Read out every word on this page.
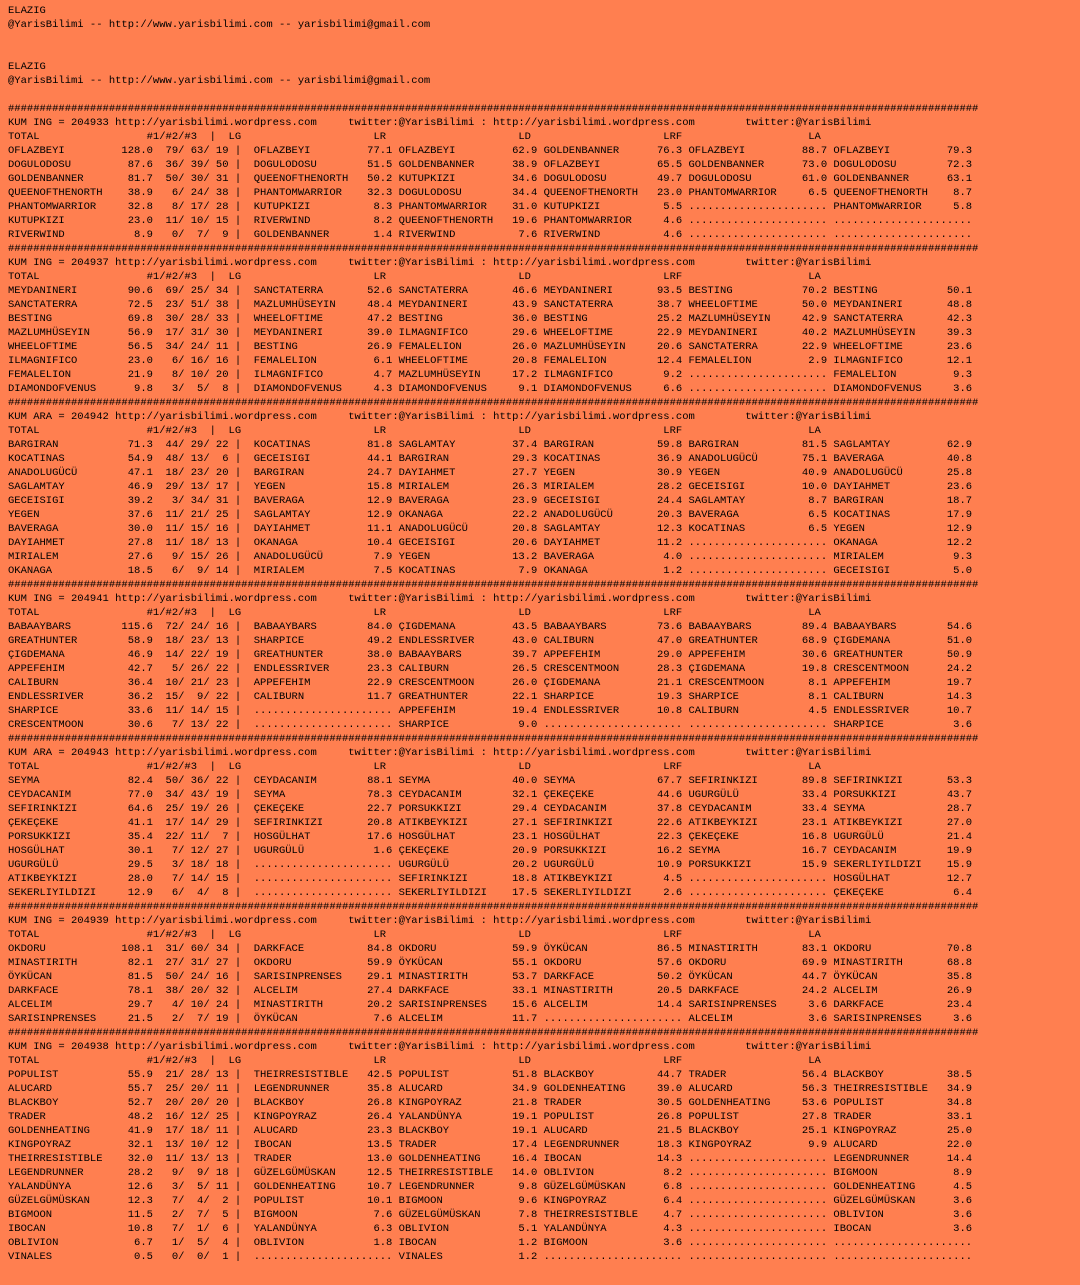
ELAZIG
@YarisBilimi -- http://www.yarisbilimi.com -- yarisbilimi@gmail.com
ELAZIG
@YarisBilimi -- http://www.yarisbilimi.com -- yarisbilimi@gmail.com
##########################################################################################################################################################
KUM ING = 204933 http://yarisbilimi.wordpress.com     twitter:@YarisBilimi : http://yarisbilimi.wordpress.com        twitter:@YarisBilimi
TOTAL                 #1/#2/#3  |  LG                     LR                     LD                     LRF                    LA
OFLAZBEYI         128.0  79/ 63/ 19 |  OFLAZBEYI         77.1 OFLAZBEYI         62.9 GOLDENBANNER      76.3 OFLAZBEYI         88.7 OFLAZBEYI         79.3
DOGULODOSU         87.6  36/ 39/ 50 |  DOGULODOSU        51.5 GOLDENBANNER      38.9 OFLAZBEYI         65.5 GOLDENBANNER      73.0 DOGULODOSU        72.3
GOLDENBANNER       81.7  50/ 30/ 31 |  QUEENOFTHENORTH   50.2 KUTUPKIZI         34.6 DOGULODOSU        49.7 DOGULODOSU        61.0 GOLDENBANNER      63.1
QUEENOFTHENORTH    38.9   6/ 24/ 38 |  PHANTOMWARRIOR    32.3 DOGULODOSU        34.4 QUEENOFTHENORTH   23.0 PHANTOMWARRIOR     6.5 QUEENOFTHENORTH    8.7
PHANTOMWARRIOR     32.8   8/ 17/ 28 |  KUTUPKIZI          8.3 PHANTOMWARRIOR    31.0 KUTUPKIZI          5.5 ...................... PHANTOMWARRIOR     5.8
KUTUPKIZI          23.0  11/ 10/ 15 |  RIVERWIND          8.2 QUEENOFTHENORTH   19.6 PHANTOMWARRIOR     4.6 ...................... ......................
RIVERWIND           8.9   0/  7/  9 |  GOLDENBANNER       1.4 RIVERWIND          7.6 RIVERWIND          4.6 ...................... ......................
##########################################################################################################################################################
KUM ING = 204937 http://yarisbilimi.wordpress.com     twitter:@YarisBilimi : http://yarisbilimi.wordpress.com        twitter:@YarisBilimi
TOTAL                 #1/#2/#3  |  LG                     LR                     LD                     LRF                    LA
MEYDANINERI        90.6  69/ 25/ 34 |  SANCTATERRA       52.6 SANCTATERRA       46.6 MEYDANINERI       93.5 BESTING           70.2 BESTING           50.1
SANCTATERRA        72.5  23/ 51/ 38 |  MAZLUMHÜSEYIN     48.4 MEYDANINERI       43.9 SANCTATERRA       38.7 WHEELOFTIME       50.0 MEYDANINERI       48.8
BESTING            69.8  30/ 28/ 33 |  WHEELOFTIME       47.2 BESTING           36.0 BESTING           25.2 MAZLUMHÜSEYIN     42.9 SANCTATERRA       42.3
MAZLUMHÜSEYIN      56.9  17/ 31/ 30 |  MEYDANINERI       39.0 ILMAGNIFICO       29.6 WHEELOFTIME       22.9 MEYDANINERI       40.2 MAZLUMHÜSEYIN     39.3
WHEELOFTIME        56.5  34/ 24/ 11 |  BESTING           26.9 FEMALELION        26.0 MAZLUMHÜSEYIN     20.6 SANCTATERRA       22.9 WHEELOFTIME       23.6
ILMAGNIFICO        23.0   6/ 16/ 16 |  FEMALELION         6.1 WHEELOFTIME       20.8 FEMALELION        12.4 FEMALELION         2.9 ILMAGNIFICO       12.1
FEMALELION         21.9   8/ 10/ 20 |  ILMAGNIFICO        4.7 MAZLUMHÜSEYIN     17.2 ILMAGNIFICO        9.2 ...................... FEMALELION         9.3
DIAMONDOFVENUS      9.8   3/  5/  8 |  DIAMONDOFVENUS     4.3 DIAMONDOFVENUS     9.1 DIAMONDOFVENUS     6.6 ...................... DIAMONDOFVENUS     3.6
##########################################################################################################################################################
KUM ARA = 204942 http://yarisbilimi.wordpress.com     twitter:@YarisBilimi : http://yarisbilimi.wordpress.com        twitter:@YarisBilimi
TOTAL                 #1/#2/#3  |  LG                     LR                     LD                     LRF                    LA
BARGIRAN           71.3  44/ 29/ 22 |  KOCATINAS         81.8 SAGLAMTAY         37.4 BARGIRAN          59.8 BARGIRAN          81.5 SAGLAMTAY         62.9
KOCATINAS          54.9  48/ 13/  6 |  GECEISIGI         44.1 BARGIRAN          29.3 KOCATINAS         36.9 ANADOLUGÜCÜ       75.1 BAVERAGA          40.8
ANADOLUGÜCÜ        47.1  18/ 23/ 20 |  BARGIRAN          24.7 DAYIAHMET         27.7 YEGEN             30.9 YEGEN             40.9 ANADOLUGÜCÜ       25.8
SAGLAMTAY          46.9  29/ 13/ 17 |  YEGEN             15.8 MIRIALEM          26.3 MIRIALEM          28.2 GECEISIGI         10.0 DAYIAHMET         23.6
GECEISIGI          39.2   3/ 34/ 31 |  BAVERAGA          12.9 BAVERAGA          23.9 GECEISIGI         24.4 SAGLAMTAY          8.7 BARGIRAN          18.7
YEGEN              37.6  11/ 21/ 25 |  SAGLAMTAY         12.9 OKANAGA           22.2 ANADOLUGÜCÜ       20.3 BAVERAGA           6.5 KOCATINAS         17.9
BAVERAGA           30.0  11/ 15/ 16 |  DAYIAHMET         11.1 ANADOLUGÜCÜ       20.8 SAGLAMTAY         12.3 KOCATINAS          6.5 YEGEN             12.9
DAYIAHMET          27.8  11/ 18/ 13 |  OKANAGA           10.4 GECEISIGI         20.6 DAYIAHMET         11.2 ...................... OKANAGA           12.2
MIRIALEM           27.6   9/ 15/ 26 |  ANADOLUGÜCÜ        7.9 YEGEN             13.2 BAVERAGA           4.0 ...................... MIRIALEM           9.3
OKANAGA            18.5   6/  9/ 14 |  MIRIALEM           7.5 KOCATINAS          7.9 OKANAGA            1.2 ...................... GECEISIGI          5.0
##########################################################################################################################################################
KUM ING = 204941 http://yarisbilimi.wordpress.com     twitter:@YarisBilimi : http://yarisbilimi.wordpress.com        twitter:@YarisBilimi
TOTAL                 #1/#2/#3  |  LG                     LR                     LD                     LRF                    LA
BABAAYBARS        115.6  72/ 24/ 16 |  BABAAYBARS        84.0 ÇIGDEMANA         43.5 BABAAYBARS        73.6 BABAAYBARS        89.4 BABAAYBARS        54.6
GREATHUNTER        58.9  18/ 23/ 13 |  SHARPICE          49.2 ENDLESSRIVER      43.0 CALIBURN          47.0 GREATHUNTER       68.9 ÇIGDEMANA         51.0
ÇIGDEMANA          46.9  14/ 22/ 19 |  GREATHUNTER       38.0 BABAAYBARS        39.7 APPEFEHIM         29.0 APPEFEHIM         30.6 GREATHUNTER       50.9
APPEFEHIM          42.7   5/ 26/ 22 |  ENDLESSRIVER      23.3 CALIBURN          26.5 CRESCENTMOON      28.3 ÇIGDEMANA         19.8 CRESCENTMOON      24.2
CALIBURN           36.4  10/ 21/ 23 |  APPEFEHIM         22.9 CRESCENTMOON      26.0 ÇIGDEMANA         21.1 CRESCENTMOON       8.1 APPEFEHIM         19.7
ENDLESSRIVER       36.2  15/  9/ 22 |  CALIBURN          11.7 GREATHUNTER       22.1 SHARPICE          19.3 SHARPICE           8.1 CALIBURN          14.3
SHARPICE           33.6  11/ 14/ 15 |  ...................... APPEFEHIM         19.4 ENDLESSRIVER      10.8 CALIBURN           4.5 ENDLESSRIVER      10.7
CRESCENTMOON       30.6   7/ 13/ 22 |  ...................... SHARPICE           9.0 ...................... ...................... SHARPICE           3.6
##########################################################################################################################################################
KUM ARA = 204943 http://yarisbilimi.wordpress.com     twitter:@YarisBilimi : http://yarisbilimi.wordpress.com        twitter:@YarisBilimi
TOTAL                 #1/#2/#3  |  LG                     LR                     LD                     LRF                    LA
SEYMA              82.4  50/ 36/ 22 |  CEYDACANIM        88.1 SEYMA             40.0 SEYMA             67.7 SEFIRINKIZI       89.8 SEFIRINKIZI       53.3
CEYDACANIM         77.0  34/ 43/ 19 |  SEYMA             78.3 CEYDACANIM        32.1 ÇEKEÇEKE          44.6 UGURGÜLÜ          33.4 PORSUKKIZI        43.7
SEFIRINKIZI        64.6  25/ 19/ 26 |  ÇEKEÇEKE          22.7 PORSUKKIZI        29.4 CEYDACANIM        37.8 CEYDACANIM        33.4 SEYMA             28.7
ÇEKEÇEKE           41.1  17/ 14/ 29 |  SEFIRINKIZI       20.8 ATIKBEYKIZI       27.1 SEFIRINKIZI       22.6 ATIKBEYKIZI       23.1 ATIKBEYKIZI       27.0
PORSUKKIZI         35.4  22/ 11/  7 |  HOSGÜLHAT         17.6 HOSGÜLHAT         23.1 HOSGÜLHAT         22.3 ÇEKEÇEKE          16.8 UGURGÜLÜ          21.4
HOSGÜLHAT          30.1   7/ 12/ 27 |  UGURGÜLÜ           1.6 ÇEKEÇEKE          20.9 PORSUKKIZI        16.2 SEYMA             16.7 CEYDACANIM        19.9
UGURGÜLÜ           29.5   3/ 18/ 18 |  ...................... UGURGÜLÜ          20.2 UGURGÜLÜ          10.9 PORSUKKIZI        15.9 SEKERLIYILDIZI    15.9
ATIKBEYKIZI        28.0   7/ 14/ 15 |  ...................... SEFIRINKIZI       18.8 ATIKBEYKIZI        4.5 ...................... HOSGÜLHAT         12.7
SEKERLIYILDIZI     12.9   6/  4/  8 |  ...................... SEKERLIYILDIZI    17.5 SEKERLIYILDIZI     2.6 ...................... ÇEKEÇEKE           6.4
##########################################################################################################################################################
KUM ING = 204939 http://yarisbilimi.wordpress.com     twitter:@YarisBilimi : http://yarisbilimi.wordpress.com        twitter:@YarisBilimi
TOTAL                 #1/#2/#3  |  LG                     LR                     LD                     LRF                    LA
OKDORU            108.1  31/ 60/ 34 |  DARKFACE          84.8 OKDORU            59.9 ÖYKÜCAN           86.5 MINASTIRITH       83.1 OKDORU            70.8
MINASTIRITH        82.1  27/ 31/ 27 |  OKDORU            59.9 ÖYKÜCAN           55.1 OKDORU            57.6 OKDORU            69.9 MINASTIRITH       68.8
ÖYKÜCAN            81.5  50/ 24/ 16 |  SARISINPRENSES    29.1 MINASTIRITH       53.7 DARKFACE          50.2 ÖYKÜCAN           44.7 ÖYKÜCAN           35.8
DARKFACE           78.1  38/ 20/ 32 |  ALCELIM           27.4 DARKFACE          33.1 MINASTIRITH       20.5 DARKFACE          24.2 ALCELIM           26.9
ALCELIM            29.7   4/ 10/ 24 |  MINASTIRITH       20.2 SARISINPRENSES    15.6 ALCELIM           14.4 SARISINPRENSES     3.6 DARKFACE          23.4
SARISINPRENSES     21.5   2/  7/ 19 |  ÖYKÜCAN            7.6 ALCELIM           11.7 ...................... ALCELIM            3.6 SARISINPRENSES     3.6
##########################################################################################################################################################
KUM ING = 204938 http://yarisbilimi.wordpress.com     twitter:@YarisBilimi : http://yarisbilimi.wordpress.com        twitter:@YarisBilimi
TOTAL                 #1/#2/#3  |  LG                     LR                     LD                     LRF                    LA
POPULIST           55.9  21/ 28/ 13 |  THEIRRESISTIBLE   42.5 POPULIST          51.8 BLACKBOY          44.7 TRADER            56.4 BLACKBOY          38.5
ALUCARD            55.7  25/ 20/ 11 |  LEGENDRUNNER      35.8 ALUCARD           34.9 GOLDENHEATING     39.0 ALUCARD           56.3 THEIRRESISTIBLE   34.9
BLACKBOY           52.7  20/ 20/ 20 |  BLACKBOY          26.8 KINGPOYRAZ        21.8 TRADER            30.5 GOLDENHEATING     53.6 POPULIST          34.8
TRADER             48.2  16/ 12/ 25 |  KINGPOYRAZ        26.4 YALANDÜNYA        19.1 POPULIST          26.8 POPULIST          27.8 TRADER            33.1
GOLDENHEATING      41.9  17/ 18/ 11 |  ALUCARD           23.3 BLACKBOY          19.1 ALUCARD           21.5 BLACKBOY          25.1 KINGPOYRAZ        25.0
KINGPOYRAZ         32.1  13/ 10/ 12 |  IBOCAN            13.5 TRADER            17.4 LEGENDRUNNER      18.3 KINGPOYRAZ         9.9 ALUCARD           22.0
THEIRRESISTIBLE    32.0  11/ 13/ 13 |  TRADER            13.0 GOLDENHEATING     16.4 IBOCAN            14.3 ...................... LEGENDRUNNER      14.4
LEGENDRUNNER       28.2   9/  9/ 18 |  GÜZELGÜMÜSKAN     12.5 THEIRRESISTIBLE   14.0 OBLIVION           8.2 ...................... BIGMOON            8.9
YALANDÜNYA         12.6   3/  5/ 11 |  GOLDENHEATING     10.7 LEGENDRUNNER       9.8 GÜZELGÜMÜSKAN      6.8 ...................... GOLDENHEATING      4.5
GÜZELGÜMÜSKAN      12.3   7/  4/  2 |  POPULIST          10.1 BIGMOON            9.6 KINGPOYRAZ         6.4 ...................... GÜZELGÜMÜSKAN      3.6
BIGMOON            11.5   2/  7/  5 |  BIGMOON            7.6 GÜZELGÜMÜSKAN      7.8 THEIRRESISTIBLE    4.7 ...................... OBLIVION           3.6
IBOCAN             10.8   7/  1/  6 |  YALANDÜNYA         6.3 OBLIVION           5.1 YALANDÜNYA         4.3 ...................... IBOCAN             3.6
OBLIVION            6.7   1/  5/  4 |  OBLIVION           1.8 IBOCAN             1.2 BIGMOON            3.6 ...................... ......................
VINALES             0.5   0/  0/  1 |  ...................... VINALES            1.2 ...................... ...................... ......................
